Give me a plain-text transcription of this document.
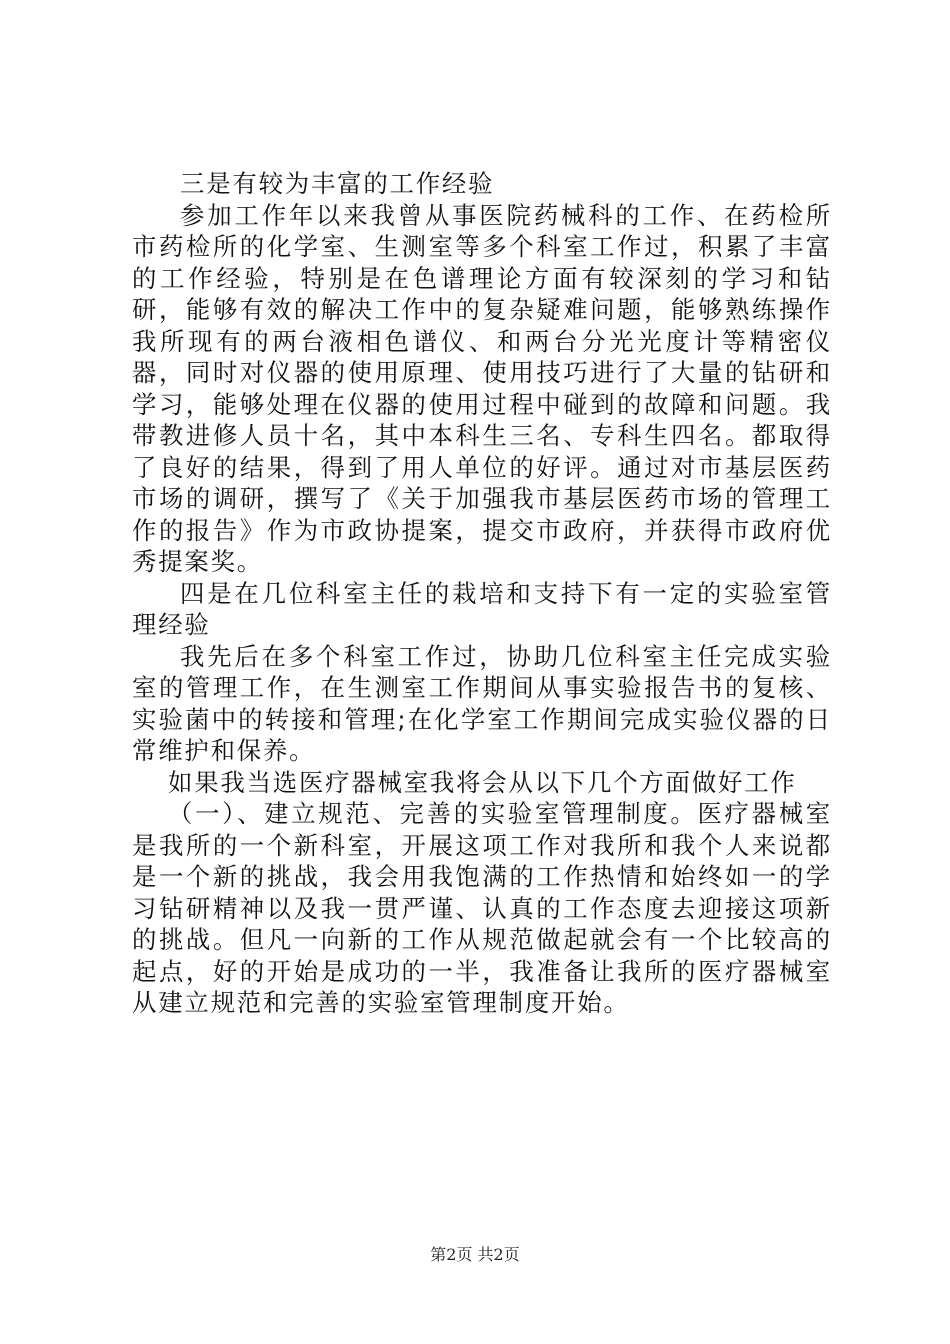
三是有较为丰富的工作经验

参加工作年以来我曾从事医院药械科的工作、在药检所市药检所的化学室、生测室等多个科室工作过，积累了丰富的工作经验，特别是在色谱理论方面有较深刻的学习和钻研，能够有效的解决工作中的复杂疑难问题，能够熟练操作我所现有的两台液相色谱仪、和两台分光光度计等精密仪器，同时对仪器的使用原理、使用技巧进行了大量的钻研和学习，能够处理在仪器的使用过程中碰到的故障和问题。我带教进修人员十名，其中本科生三名、专科生四名。都取得了良好的结果，得到了用人单位的好评。通过对市基层医药市场的调研，撰写了《关于加强我市基层医药市场的管理工作的报告》作为市政协提案，提交市政府，并获得市政府优秀提案奖。

四是在几位科室主任的栽培和支持下有一定的实验室管理经验

我先后在多个科室工作过，协助几位科室主任完成实验室的管理工作，在生测室工作期间从事实验报告书的复核、实验菌中的转接和管理;在化学室工作期间完成实验仪器的日常维护和保养。

如果我当选医疗器械室我将会从以下几个方面做好工作

（一）、建立规范、完善的实验室管理制度。医疗器械室是我所的一个新科室，开展这项工作对我所和我个人来说都是一个新的挑战，我会用我饱满的工作热情和始终如一的学习钻研精神以及我一贯严谨、认真的工作态度去迎接这项新的挑战。但凡一向新的工作从规范做起就会有一个比较高的起点，好的开始是成功的一半，我准备让我所的医疗器械室从建立规范和完善的实验室管理制度开始。

第2页 共2页
